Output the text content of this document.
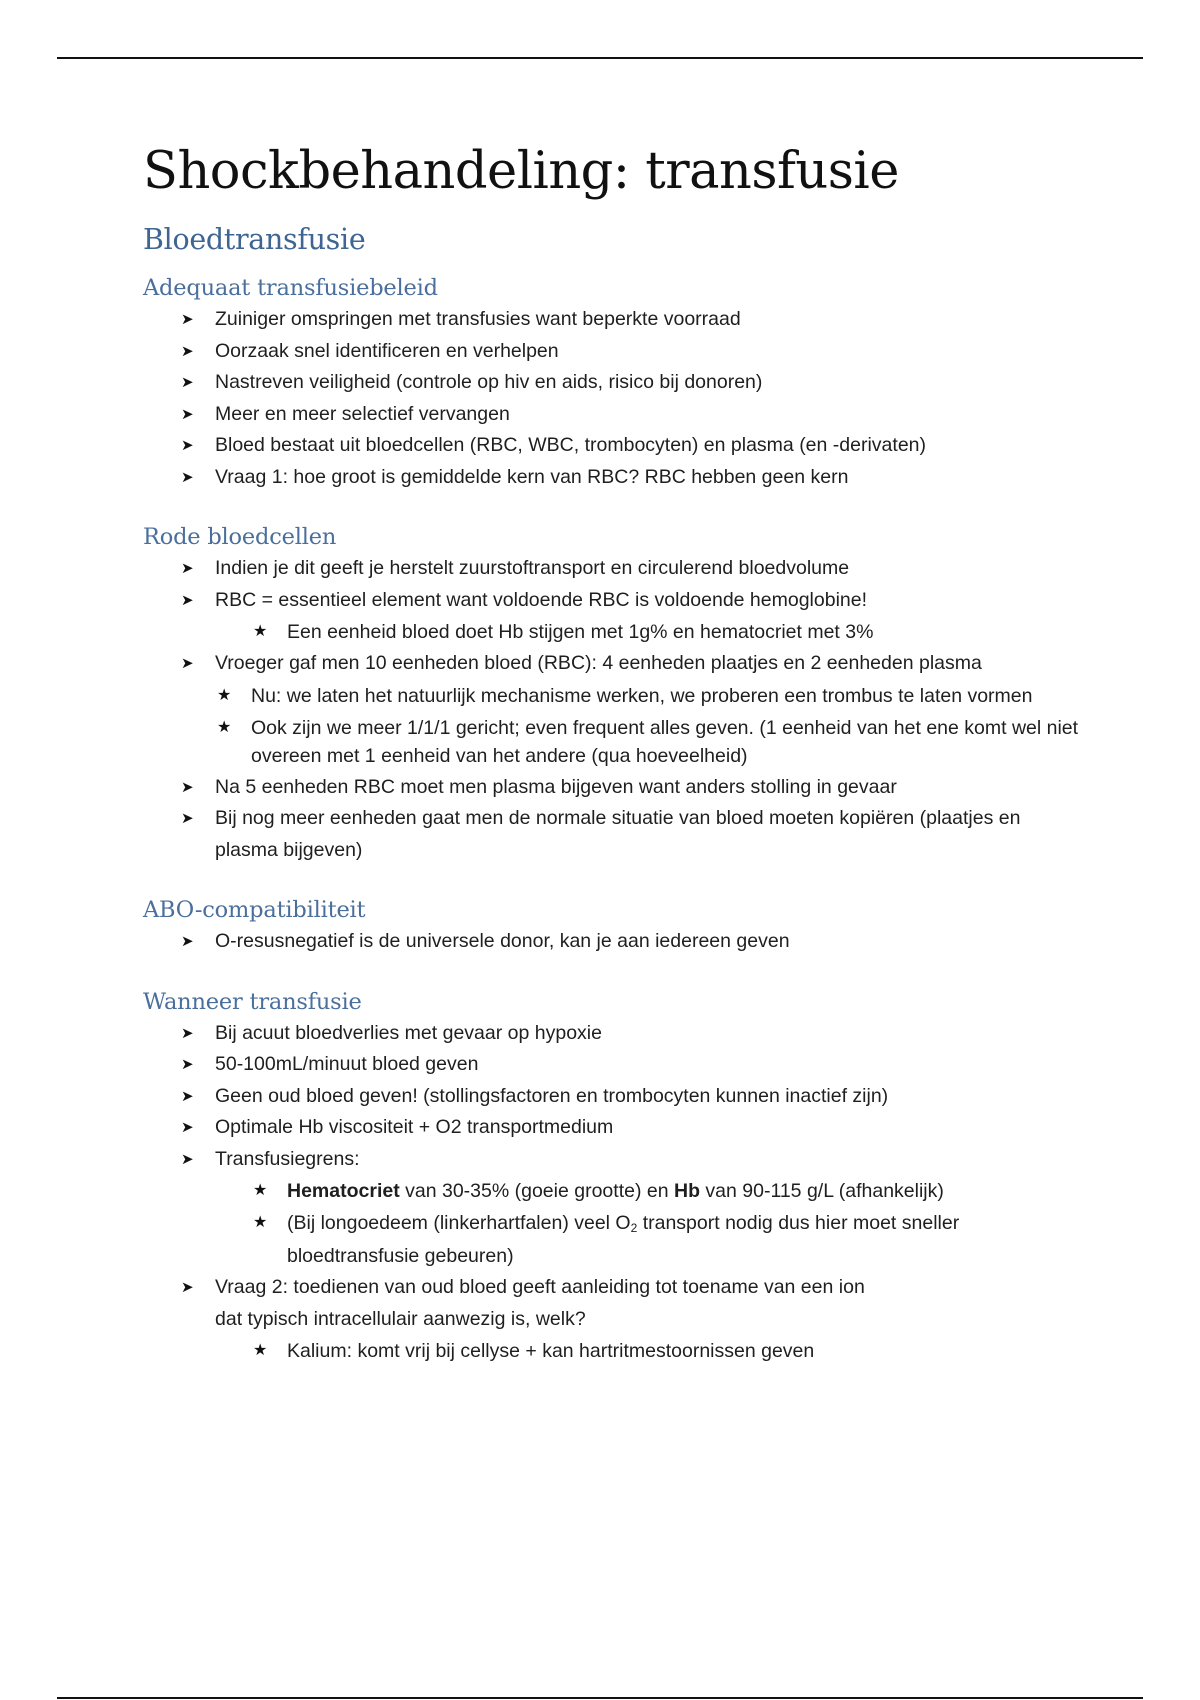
Shockbehandeling: transfusie
Bloedtransfusie
Adequaat transfusiebeleid
➤ Zuiniger omspringen met transfusies want beperkte voorraad
➤ Oorzaak snel identificeren en verhelpen
➤ Nastreven veiligheid (controle op hiv en aids, risico bij donoren)
➤ Meer en meer selectief vervangen
➤ Bloed bestaat uit bloedcellen (RBC, WBC, trombocyten) en plasma (en -derivaten)
➤ Vraag 1: hoe groot is gemiddelde kern van RBC? RBC hebben geen kern
Rode bloedcellen
➤ Indien je dit geeft je herstelt zuurstoftransport en circulerend bloedvolume
➤ RBC = essentieel element want voldoende RBC is voldoende hemoglobine!
★ Een eenheid bloed doet Hb stijgen met 1g% en hematocriet met 3%
➤ Vroeger gaf men 10 eenheden bloed (RBC): 4 eenheden plaatjes en 2 eenheden plasma
★ Nu: we laten het natuurlijk mechanisme werken, we proberen een trombus te laten vormen
★ Ook zijn we meer 1/1/1 gericht; even frequent alles geven. (1 eenheid van het ene komt wel niet overeen met 1 eenheid van het andere (qua hoeveelheid)
➤ Na 5 eenheden RBC moet men plasma bijgeven want anders stolling in gevaar
➤ Bij nog meer eenheden gaat men de normale situatie van bloed moeten kopiëren (plaatjes en plasma bijgeven)
ABO-compatibiliteit
➤ O-resusnegatief is de universele donor, kan je aan iedereen geven
Wanneer transfusie
➤ Bij acuut bloedverlies met gevaar op hypoxie
➤ 50-100mL/minuut bloed geven
➤ Geen oud bloed geven! (stollingsfactoren en trombocyten kunnen inactief zijn)
➤ Optimale Hb viscositeit + O2 transportmedium
➤ Transfusiegrens:
★ Hematocriet van 30-35% (goeie grootte) en Hb van 90-115 g/L (afhankelijk)
★ (Bij longoedeem (linkerhartfalen) veel $O_2$ transport nodig dus hier moet sneller bloedtransfusie gebeuren)
➤ Vraag 2: toedienen van oud bloed geeft aanleiding tot toename van een ion dat typisch intracellulair aanwezig is, welk?
★ Kalium: komt vrij bij cellyse + kan hartritmestoornissen geven
